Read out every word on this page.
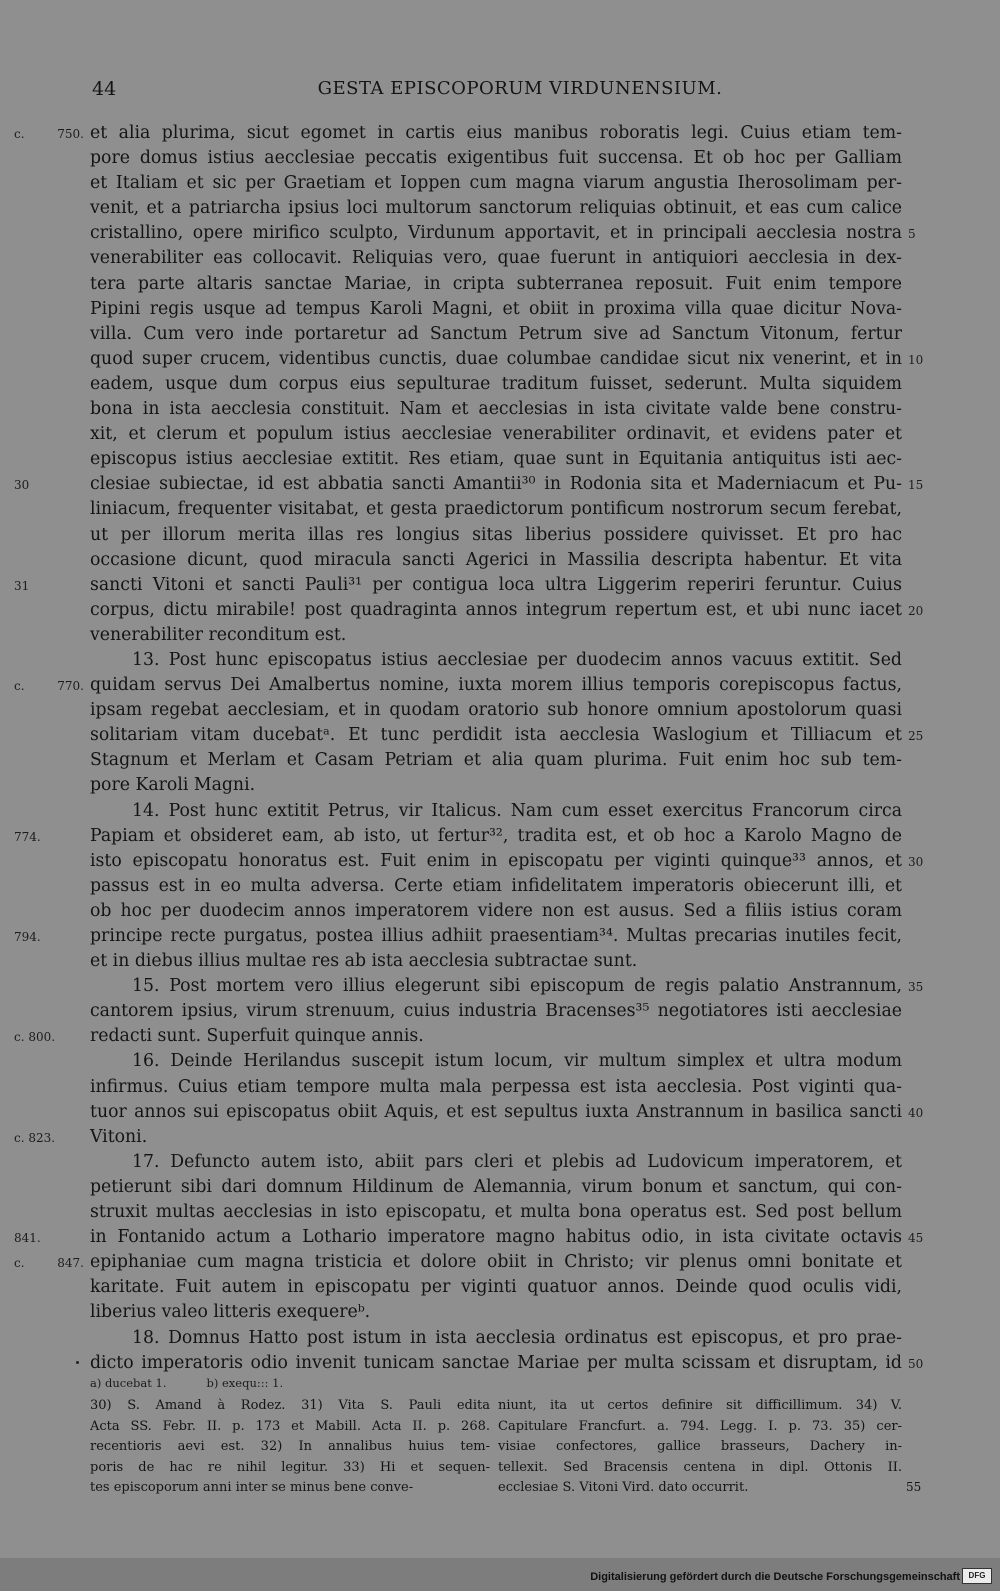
44	GESTA EPISCOPORUM VIRDUNENSIUM.
et alia plurima, sicut egomet in cartis eius manibus roboratis legi. Cuius etiam tem-
c. 750.
pore domus istius aecclesiae peccatis exigentibus fuit succensa. Et ob hoc per Galliam
et Italiam et sic per Graetiam et Ioppen cum magna viarum angustia Iherosolimam per-
venit, et a patriarcha ipsius loci multorum sanctorum reliquias obtinuit, et eas cum calice
cristallino, opere mirifico sculpto, Virdunum apportavit, et in principali aecclesia nostra 5
venerabiliter eas collocavit. Reliquias vero, quae fuerunt in antiquiori aecclesia in dex-
tera parte altaris sanctae Mariae, in cripta subterranea reposuit. Fuit enim tempore
Pipini regis usque ad tempus Karoli Magni, et obiit in proxima villa quae dicitur Nova-
villa. Cum vero inde portaretur ad Sanctum Petrum sive ad Sanctum Vitonum, fertur
quod super crucem, videntibus cunctis, duae columbae candidae sicut nix venerint, et in 10
eadem, usque dum corpus eius sepulturae traditum fuisset, sederunt. Multa siquidem
bona in ista aecclesia constituit. Nam et aecclesias in ista civitate valde bene constru-
xit, et clerum et populum istius aecclesiae venerabiliter ordinavit, et evidens pater et
episcopus istius aecclesiae extitit. Res etiam, quae sunt in Equitania antiquitus isti aec-
clesiae subiectae, id est abbatia sancti Amantii³⁰ in Rodonia sita et Maderniacum et Pu-
30	15
liniacum, frequenter visitabat, et gesta praedictorum pontificum nostrorum secum ferebat,
ut per illorum merita illas res longius sitas liberius possidere quivisset. Et pro hac
occasione dicunt, quod miracula sancti Agerici in Massilia descripta habentur. Et vita
sancti Vitoni et sancti Pauli³¹ per contigua loca ultra Liggerim reperiri feruntur. Cuius
31
corpus, dictu mirabile! post quadraginta annos integrum repertum est, et ubi nunc iacet 20
venerabiliter reconditum est.
13. Post hunc episcopatus istius aecclesiae per duodecim annos vacuus extitit. Sed
quidam servus Dei Amalbertus nomine, iuxta morem illius temporis corepiscopus factus,
c. 770.
ipsam regebat aecclesiam, et in quodam oratorio sub honore omnium apostolorum quasi
solitariam vitam ducebatᵃ. Et tunc perdidit ista aecclesia Waslogium et Tilliacum et 25
Stagnum et Merlam et Casam Petriam et alia quam plurima. Fuit enim hoc sub tem-
pore Karoli Magni.
14. Post hunc extitit Petrus, vir Italicus. Nam cum esset exercitus Francorum circa
Papiam et obsideret eam, ab isto, ut fertur³², tradita est, et ob hoc a Karolo Magno de
774.
isto episcopatu honoratus est. Fuit enim in episcopatu per viginti quinque³³ annos, et 30
passus est in eo multa adversa. Certe etiam infidelitatem imperatoris obiecerunt illi, et
ob hoc per duodecim annos imperatorem videre non est ausus. Sed a filiis istius coram
principe recte purgatus, postea illius adhiit praesentiam³⁴. Multas precarias inutiles fecit,
794.
et in diebus illius multae res ab ista aecclesia subtractae sunt.
15. Post mortem vero illius elegerunt sibi episcopum de regis palatio Anstrannum, 35
cantorem ipsius, virum strenuum, cuius industria Bracenses³⁵ negotiatores isti aecclesiae
redacti sunt. Superfuit quinque annis.
c. 800.
16. Deinde Herilandus suscepit istum locum, vir multum simplex et ultra modum
infirmus. Cuius etiam tempore multa mala perpessa est ista aecclesia. Post viginti qua-
tuor annos sui episcopatus obiit Aquis, et est sepultus iuxta Anstrannum in basilica sancti 40
Vitoni.
c. 823.
17. Defuncto autem isto, abiit pars cleri et plebis ad Ludovicum imperatorem, et
petierunt sibi dari domnum Hildinum de Alemannia, virum bonum et sanctum, qui con-
struxit multas aecclesias in isto episcopatu, et multa bona operatus est. Sed post bellum
in Fontanido actum a Lothario imperatore magno habitus odio, in ista civitate octavis
841.	45
epiphaniae cum magna tristicia et dolore obiit in Christo; vir plenus omni bonitate et
c. 847.
karitate. Fuit autem in episcopatu per viginti quatuor annos. Deinde quod oculis vidi,
liberius valeo litteris exequereᵇ.
18. Domnus Hatto post istum in ista aecclesia ordinatus est episcopus, et pro prae-
dicto imperatoris odio invenit tunicam sanctae Mariae per multa scissam et disruptam, id 50
a) ducebat 1.	b) exequ::: 1.
30) S. Amand à Rodez. 31) Vita S. Pauli edita
Acta SS. Febr. II. p. 173 et Mabill. Acta II. p. 268.
recentioris aevi est. 32) In annalibus huius tem-
poris de hac re nihil legitur. 33) Hi et sequen-
tes episcoporum anni inter se minus bene conve-
niunt, ita ut certos definire sit difficillimum. 34) V.
Capitulare Francfurt. a. 794. Legg. I. p. 73. 35) cer-
visiae confectores, gallice brasseurs, Dachery in-
tellexit. Sed Bracensis centena in dipl. Ottonis II.
ecclesiae S. Vitoni Vird. dato occurrit.	55
Digitalisierung gefördert durch die Deutsche Forschungsgemeinschaft	DFG
